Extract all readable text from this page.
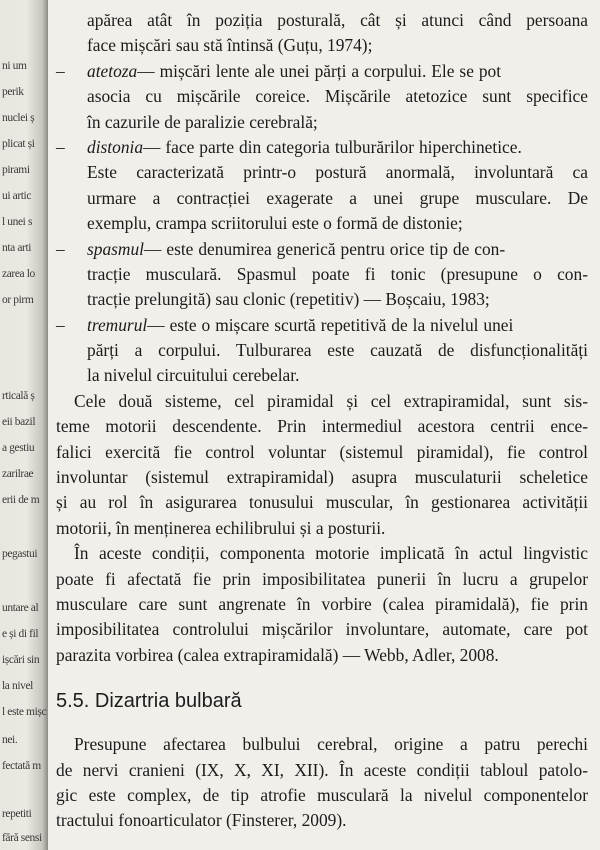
ni um
perik
nuclei ș
plicat și
pirami
ui artic
l unei s
nta arti
zarea lo
or pirm
rticală ș
eii bazil
a gestiu
zarilrae
erii de m
pegastui
untare al
e și di fil
ișcări sin
la nivel
l este mișc
nei.
fectată m
repetiti
fără sensi
apărea atât în poziția posturală, cât și atunci când persoana
face mișcări sau stă întinsă (Guțu, 1974);
– atetoza — mișcări lente ale unei părți a corpului. Ele se pot
asocia cu mișcările coreice. Mișcările atetozice sunt specifice
în cazurile de paralizie cerebrală;
– distonia — face parte din categoria tulburărilor hiperchinetice.
Este caracterizată printr-o postură anormală, involuntară ca
urmare a contracției exagerate a unei grupe musculare. De
exemplu, crampa scriitorului este o formă de distonie;
– spasmul — este denumirea generică pentru orice tip de con-
tracție musculară. Spasmul poate fi tonic (presupune o con-
tracție prelungită) sau clonic (repetitiv) — Boșcaiu, 1983;
– tremurul — este o mișcare scurtă repetitivă de la nivelul unei
părți a corpului. Tulburarea este cauzată de disfuncționalități
la nivelul circuitului cerebelar.
Cele două sisteme, cel piramidal și cel extrapiramidal, sunt sis-
teme motorii descendente. Prin intermediul acestora centrii ence-
falici exercită fie control voluntar (sistemul piramidal), fie control
involuntar (sistemul extrapiramidal) asupra musculaturii scheletice
și au rol în asigurarea tonusului muscular, în gestionarea activității
motorii, în menținerea echilibrului și a posturii.
În aceste condiții, componenta motorie implicată în actul lingvistic
poate fi afectată fie prin imposibilitatea punerii în lucru a grupelor
musculare care sunt angrenate în vorbire (calea piramidală), fie prin
imposibilitatea controlului mișcărilor involuntare, automate, care pot
parazita vorbirea (calea extrapiramidală) — Webb, Adler, 2008.
5.5. Dizartria bulbară
Presupune afectarea bulbului cerebral, origine a patru perechi
de nervi cranieni (IX, X, XI, XII). În aceste condiții tabloul patolo-
gic este complex, de tip atrofie musculară la nivelul componentelor
tractului fonoarticulator (Finsterer, 2009).
